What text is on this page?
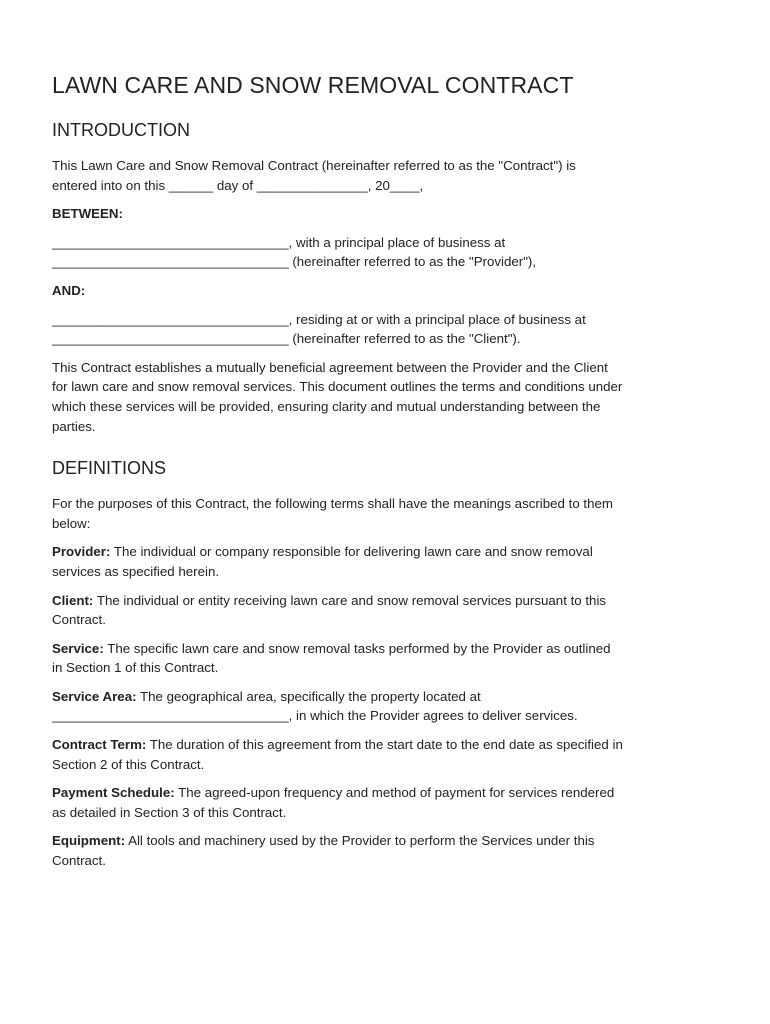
LAWN CARE AND SNOW REMOVAL CONTRACT
INTRODUCTION

This Lawn Care and Snow Removal Contract (hereinafter referred to as the "Contract") is
entered into on this ______ day of _______________, 20____,

BETWEEN:

________________________________, with a principal place of business at
________________________________ (hereinafter referred to as the "Provider"),

AND:

________________________________, residing at or with a principal place of business at
________________________________ (hereinafter referred to as the "Client").

This Contract establishes a mutually beneficial agreement between the Provider and the Client
for lawn care and snow removal services. This document outlines the terms and conditions under
which these services will be provided, ensuring clarity and mutual understanding between the
parties.

DEFINITIONS

For the purposes of this Contract, the following terms shall have the meanings ascribed to them
below:

Provider: The individual or company responsible for delivering lawn care and snow removal
services as specified herein.

Client: The individual or entity receiving lawn care and snow removal services pursuant to this
Contract.

Service: The specific lawn care and snow removal tasks performed by the Provider as outlined
in Section 1 of this Contract.

Service Area: The geographical area, specifically the property located at
________________________________, in which the Provider agrees to deliver services.

Contract Term: The duration of this agreement from the start date to the end date as specified in
Section 2 of this Contract.

Payment Schedule: The agreed-upon frequency and method of payment for services rendered
as detailed in Section 3 of this Contract.

Equipment: All tools and machinery used by the Provider to perform the Services under this
Contract.
